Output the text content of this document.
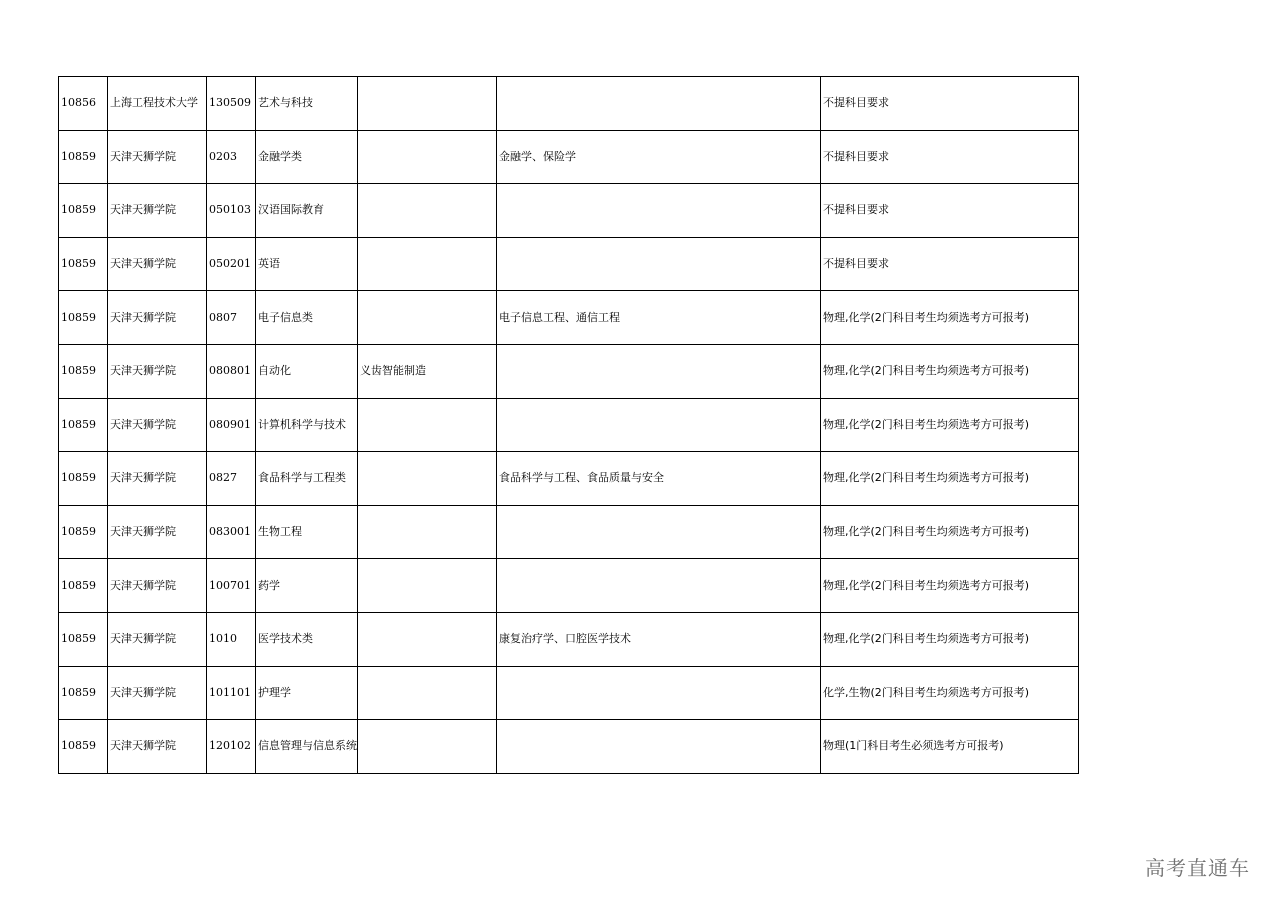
10856	上海工程技术大学	130509	艺术与科技			不提科目要求
10859	天津天狮学院	0203	金融学类		金融学、保险学	不提科目要求
10859	天津天狮学院	050103	汉语国际教育			不提科目要求
10859	天津天狮学院	050201	英语			不提科目要求
10859	天津天狮学院	0807	电子信息类		电子信息工程、通信工程	物理,化学(2门科目考生均须选考方可报考)
10859	天津天狮学院	080801	自动化	义齿智能制造		物理,化学(2门科目考生均须选考方可报考)
10859	天津天狮学院	080901	计算机科学与技术			物理,化学(2门科目考生均须选考方可报考)
10859	天津天狮学院	0827	食品科学与工程类		食品科学与工程、食品质量与安全	物理,化学(2门科目考生均须选考方可报考)
10859	天津天狮学院	083001	生物工程			物理,化学(2门科目考生均须选考方可报考)
10859	天津天狮学院	100701	药学			物理,化学(2门科目考生均须选考方可报考)
10859	天津天狮学院	1010	医学技术类		康复治疗学、口腔医学技术	物理,化学(2门科目考生均须选考方可报考)
10859	天津天狮学院	101101	护理学			化学,生物(2门科目考生均须选考方可报考)
10859	天津天狮学院	120102	信息管理与信息系统			物理(1门科目考生必须选考方可报考)
高考直通车
